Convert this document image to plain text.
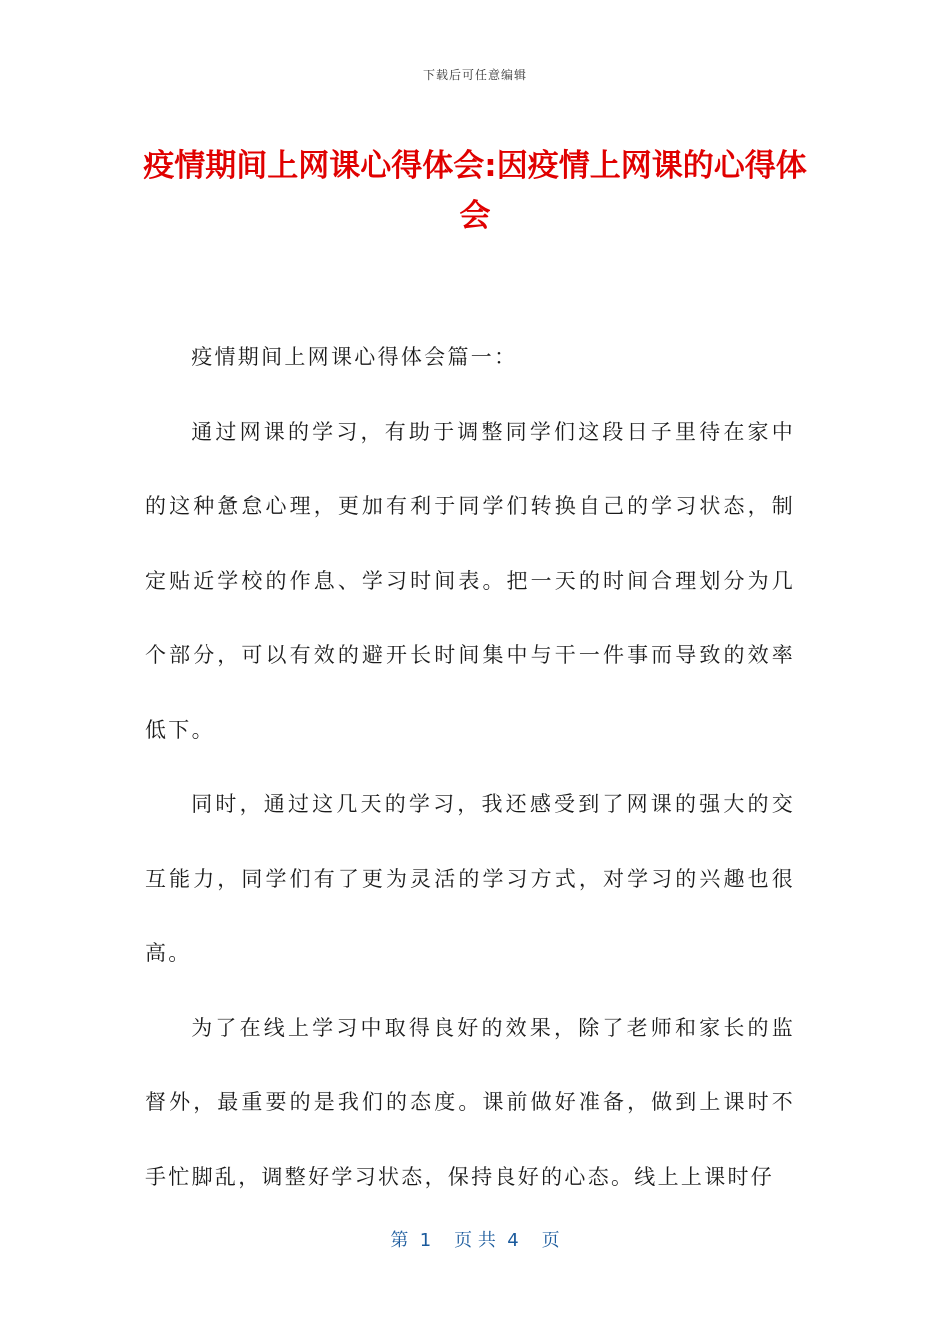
下载后可任意编辑
疫情期间上网课心得体会:因疫情上网课的心得体会

疫情期间上网课心得体会篇一：

通过网课的学习，有助于调整同学们这段日子里待在家中的这种惫怠心理，更加有利于同学们转换自己的学习状态，制定贴近学校的作息、学习时间表。把一天的时间合理划分为几个部分，可以有效的避开长时间集中与干一件事而导致的效率低下。

同时，通过这几天的学习，我还感受到了网课的强大的交互能力，同学们有了更为灵活的学习方式，对学习的兴趣也很高。

为了在线上学习中取得良好的效果，除了老师和家长的监督外，最重要的是我们的态度。课前做好准备，做到上课时不手忙脚乱，调整好学习状态，保持良好的心态。线上上课时仔

第  1    页 共  4    页
